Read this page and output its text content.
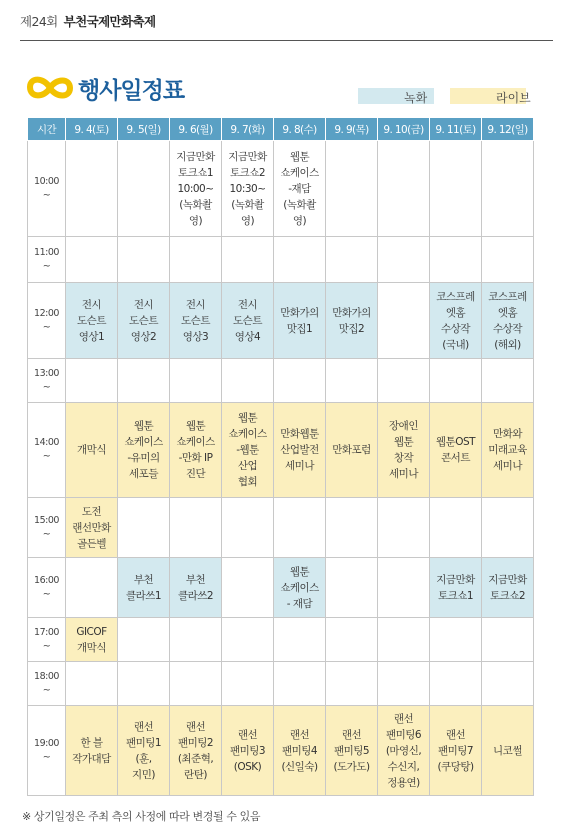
제24회 부천국제만화축제
행사일정표	녹화	라이브
시간	9. 4(토)	9. 5(일)	9. 6(월)	9. 7(화)	9. 8(수)	9. 9(목)	9. 10(금)	9. 11(토)	9. 12(일)
10:00
~			지금만화
토크쇼1
10:00~
(녹화촬
영)	지금만화
토크쇼2
10:30~
(녹화촬
영)	웹툰
쇼케이스
-재담
(녹화촬
영)				
11:00
~									
12:00
~	전시
도슨트
영상1	전시
도슨트
영상2	전시
도슨트
영상3	전시
도슨트
영상4	만화가의
맛집1	만화가의
맛집2		코스프레
엣홈
수상작
(국내)	코스프레
엣홈
수상작
(해외)
13:00
~									
14:00
~	개막식	웹툰
쇼케이스
-유미의
세포들	웹툰
쇼케이스
-만화 IP
진단	웹툰
쇼케이스
-웹툰
산업
협회	만화웹툰
산업발전
세미나	만화포럼	장애인
웹툰
창작
세미나	웹툰OST
콘서트	만화와
미래교육
세미나
15:00
~	도전
랜선만화
골든벨								
16:00
~		부천
클라쓰1	부천
클라쓰2		웹툰
쇼케이스
- 재담			지금만화
토크쇼1	지금만화
토크쇼2
17:00
~	GICOF
개막식								
18:00
~									
19:00
~	한 블
작가대담	랜선
팬미팅1
(훈,
지민)	랜선
팬미팅2
(최준혁,
란탄)	랜선
팬미팅3
(OSK)	랜선
팬미팅4
(신일숙)	랜선
팬미팅5
(도가도)	랜선
팬미팅6
(마영신,
수신지,
정용연)	랜선
팬미팅7
(쿠당탕)	니코썰
※ 상기일정은 주최 측의 사정에 따라 변경될 수 있음
